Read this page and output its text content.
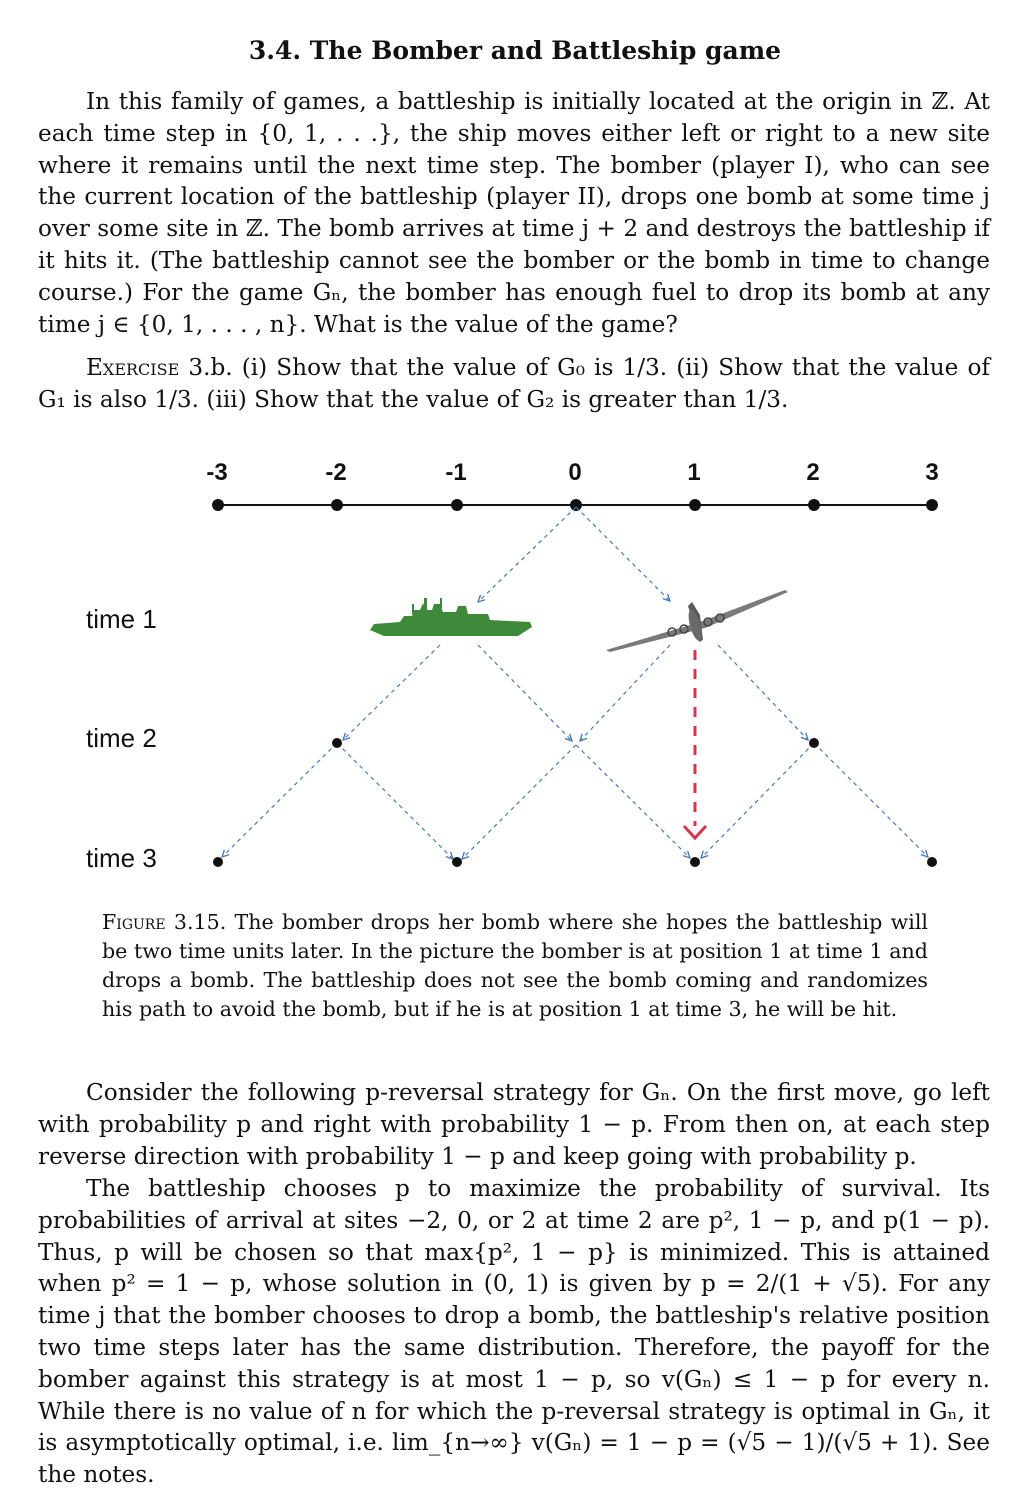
3.4. The Bomber and Battleship game

In this family of games, a battleship is initially located at the origin in ℤ. At each time step in {0, 1, . . .}, the ship moves either left or right to a new site where it remains until the next time step. The bomber (player I), who can see the current location of the battleship (player II), drops one bomb at some time j over some site in ℤ. The bomb arrives at time j + 2 and destroys the battleship if it hits it. (The battleship cannot see the bomber or the bomb in time to change course.) For the game Gₙ, the bomber has enough fuel to drop its bomb at any time j ∈ {0, 1, . . . , n}. What is the value of the game?

Exercise 3.b. (i) Show that the value of G₀ is 1/3. (ii) Show that the value of G₁ is also 1/3. (iii) Show that the value of G₂ is greater than 1/3.

-3	-2	-1	0	1	2	3
time 1
time 2
time 3

Figure 3.15. The bomber drops her bomb where she hopes the battleship will be two time units later. In the picture the bomber is at position 1 at time 1 and drops a bomb. The battleship does not see the bomb coming and randomizes his path to avoid the bomb, but if he is at position 1 at time 3, he will be hit.

Consider the following p-reversal strategy for Gₙ. On the first move, go left with probability p and right with probability 1 − p. From then on, at each step reverse direction with probability 1 − p and keep going with probability p.

The battleship chooses p to maximize the probability of survival. Its probabilities of arrival at sites −2, 0, or 2 at time 2 are p², 1 − p, and p(1 − p). Thus, p will be chosen so that max{p², 1 − p} is minimized. This is attained when p² = 1 − p, whose solution in (0, 1) is given by p = 2/(1 + √5). For any time j that the bomber chooses to drop a bomb, the battleship's relative position two time steps later has the same distribution. Therefore, the payoff for the bomber against this strategy is at most 1 − p, so v(Gₙ) ≤ 1 − p for every n. While there is no value of n for which the p-reversal strategy is optimal in Gₙ, it is asymptotically optimal, i.e. lim_{n→∞} v(Gₙ) = 1 − p = (√5 − 1)/(√5 + 1). See the notes.
